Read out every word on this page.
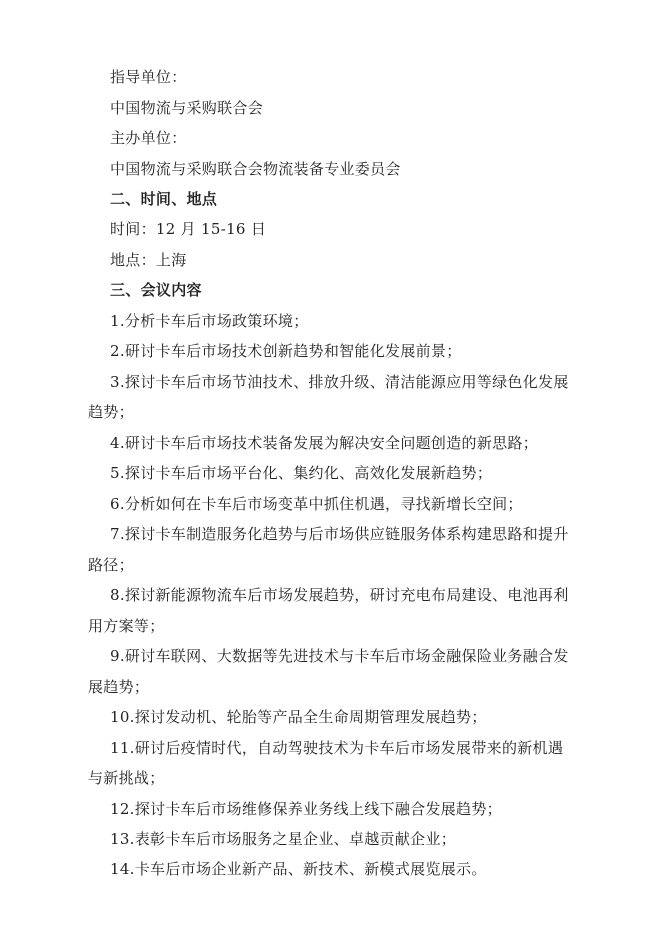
指导单位：
中国物流与采购联合会
主办单位：
中国物流与采购联合会物流装备专业委员会
二、时间、地点
时间：12 月 15-16 日
地点：上海
三、会议内容
1.分析卡车后市场政策环境；
2.研讨卡车后市场技术创新趋势和智能化发展前景；
3.探讨卡车后市场节油技术、排放升级、清洁能源应用等绿色化发展
趋势；
4.研讨卡车后市场技术装备发展为解决安全问题创造的新思路；
5.探讨卡车后市场平台化、集约化、高效化发展新趋势；
6.分析如何在卡车后市场变革中抓住机遇，寻找新增长空间；
7.探讨卡车制造服务化趋势与后市场供应链服务体系构建思路和提升
路径；
8.探讨新能源物流车后市场发展趋势，研讨充电布局建设、电池再利
用方案等；
9.研讨车联网、大数据等先进技术与卡车后市场金融保险业务融合发
展趋势；
10.探讨发动机、轮胎等产品全生命周期管理发展趋势；
11.研讨后疫情时代，自动驾驶技术为卡车后市场发展带来的新机遇
与新挑战；
12.探讨卡车后市场维修保养业务线上线下融合发展趋势；
13.表彰卡车后市场服务之星企业、卓越贡献企业；
14.卡车后市场企业新产品、新技术、新模式展览展示。
